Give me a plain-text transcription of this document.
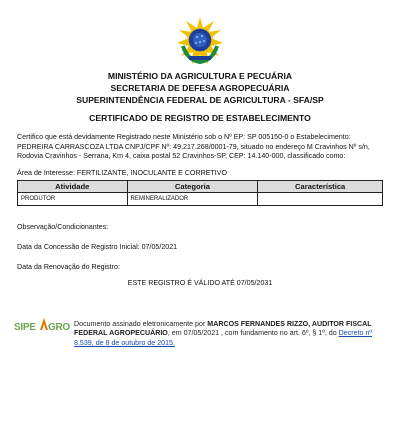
MINISTÉRIO DA AGRICULTURA E PECUÁRIA
SECRETARIA DE DEFESA AGROPECUÁRIA
SUPERINTENDÊNCIA FEDERAL DE AGRICULTURA - SFA/SP
CERTIFICADO DE REGISTRO DE ESTABELECIMENTO
Certifico que está devidamente Registrado neste Ministério sob o Nº EP: SP 005150-0 o Estabelecimento: PEDREIRA CARRASCOZA LTDA CNPJ/CPF Nº: 49.217.268/0001-79, situado no endereço M Cravinhos Nº s/n, Rodovia Cravinhos - Serrana, Km 4, caixa postal 52 Cravinhos-SP, CEP: 14.140-000, classificado como:
Área de Interesse: FERTILIZANTE, INOCULANTE E CORRETIVO
Atividade	Categoria	Característica
PRODUTOR	REMINERALIZADOR	
Observação/Condicionantes:
Data da Concessão de Registro Inicial: 07/05/2021
Data da Renovação do Registro:
ESTE REGISTRO É VÁLIDO ATÉ 07/05/2031
SIPE GRO Documento assinado eletronicamente por MARCOS FERNANDES RIZZO, AUDITOR FISCAL FEDERAL AGROPECUÁRIO, em 07/05/2021 , com fundamento no art. 6º, § 1º, do Decreto nº 8.539, de 8 de outubro de 2015.
